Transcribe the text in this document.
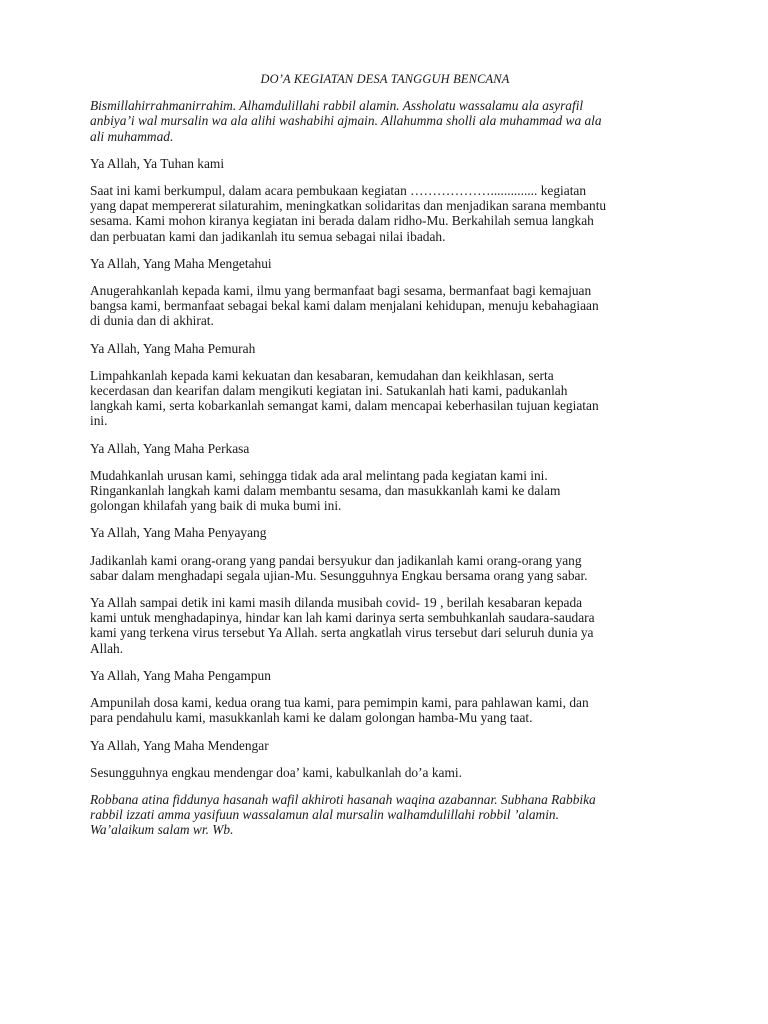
DO’A KEGIATAN DESA TANGGUH BENCANA
Bismillahirrahmanirrahim. Alhamdulillahi rabbil alamin. Assholatu wassalamu ala asyrafil
anbiya’i wal mursalin wa ala alihi washabihi ajmain. Allahumma sholli ala muhammad wa ala
ali muhammad.
Ya Allah, Ya Tuhan kami
Saat ini kami berkumpul, dalam acara pembukaan kegiatan ……………….............. kegiatan
yang dapat mempererat silaturahim, meningkatkan solidaritas dan menjadikan sarana membantu
sesama. Kami mohon kiranya kegiatan ini berada dalam ridho-Mu. Berkahilah semua langkah
dan perbuatan kami dan jadikanlah itu semua sebagai nilai ibadah.
Ya Allah, Yang Maha Mengetahui
Anugerahkanlah kepada kami, ilmu yang bermanfaat bagi sesama, bermanfaat bagi kemajuan
bangsa kami, bermanfaat sebagai bekal kami dalam menjalani kehidupan, menuju kebahagiaan
di dunia dan di akhirat.
Ya Allah, Yang Maha Pemurah
Limpahkanlah kepada kami kekuatan dan kesabaran, kemudahan dan keikhlasan, serta
kecerdasan dan kearifan dalam mengikuti kegiatan ini. Satukanlah hati kami, padukanlah
langkah kami, serta kobarkanlah semangat kami, dalam mencapai keberhasilan tujuan kegiatan
ini.
Ya Allah, Yang Maha Perkasa
Mudahkanlah urusan kami, sehingga tidak ada aral melintang pada kegiatan kami ini.
Ringankanlah langkah kami dalam membantu sesama, dan masukkanlah kami ke dalam
golongan khilafah yang baik di muka bumi ini.
Ya Allah, Yang Maha Penyayang
Jadikanlah kami orang-orang yang pandai bersyukur dan jadikanlah kami orang-orang yang
sabar dalam menghadapi segala ujian-Mu. Sesungguhnya Engkau bersama orang yang sabar.
Ya Allah sampai detik ini kami masih dilanda musibah covid- 19 , berilah kesabaran kepada
kami untuk menghadapinya, hindar kan lah kami darinya serta sembuhkanlah saudara-saudara
kami yang terkena virus tersebut Ya Allah. serta angkatlah virus tersebut dari seluruh dunia ya
Allah.
Ya Allah, Yang Maha Pengampun
Ampunilah dosa kami, kedua orang tua kami, para pemimpin kami, para pahlawan kami, dan
para pendahulu kami, masukkanlah kami ke dalam golongan hamba-Mu yang taat.
Ya Allah, Yang Maha Mendengar
Sesungguhnya engkau mendengar doa’ kami, kabulkanlah do’a kami.
Robbana atina fiddunya hasanah wafil akhiroti hasanah waqina azabannar. Subhana Rabbika
rabbil izzati amma yasifuun wassalamun alal mursalin walhamdulillahi robbil ’alamin.
Wa’alaikum salam wr. Wb.
